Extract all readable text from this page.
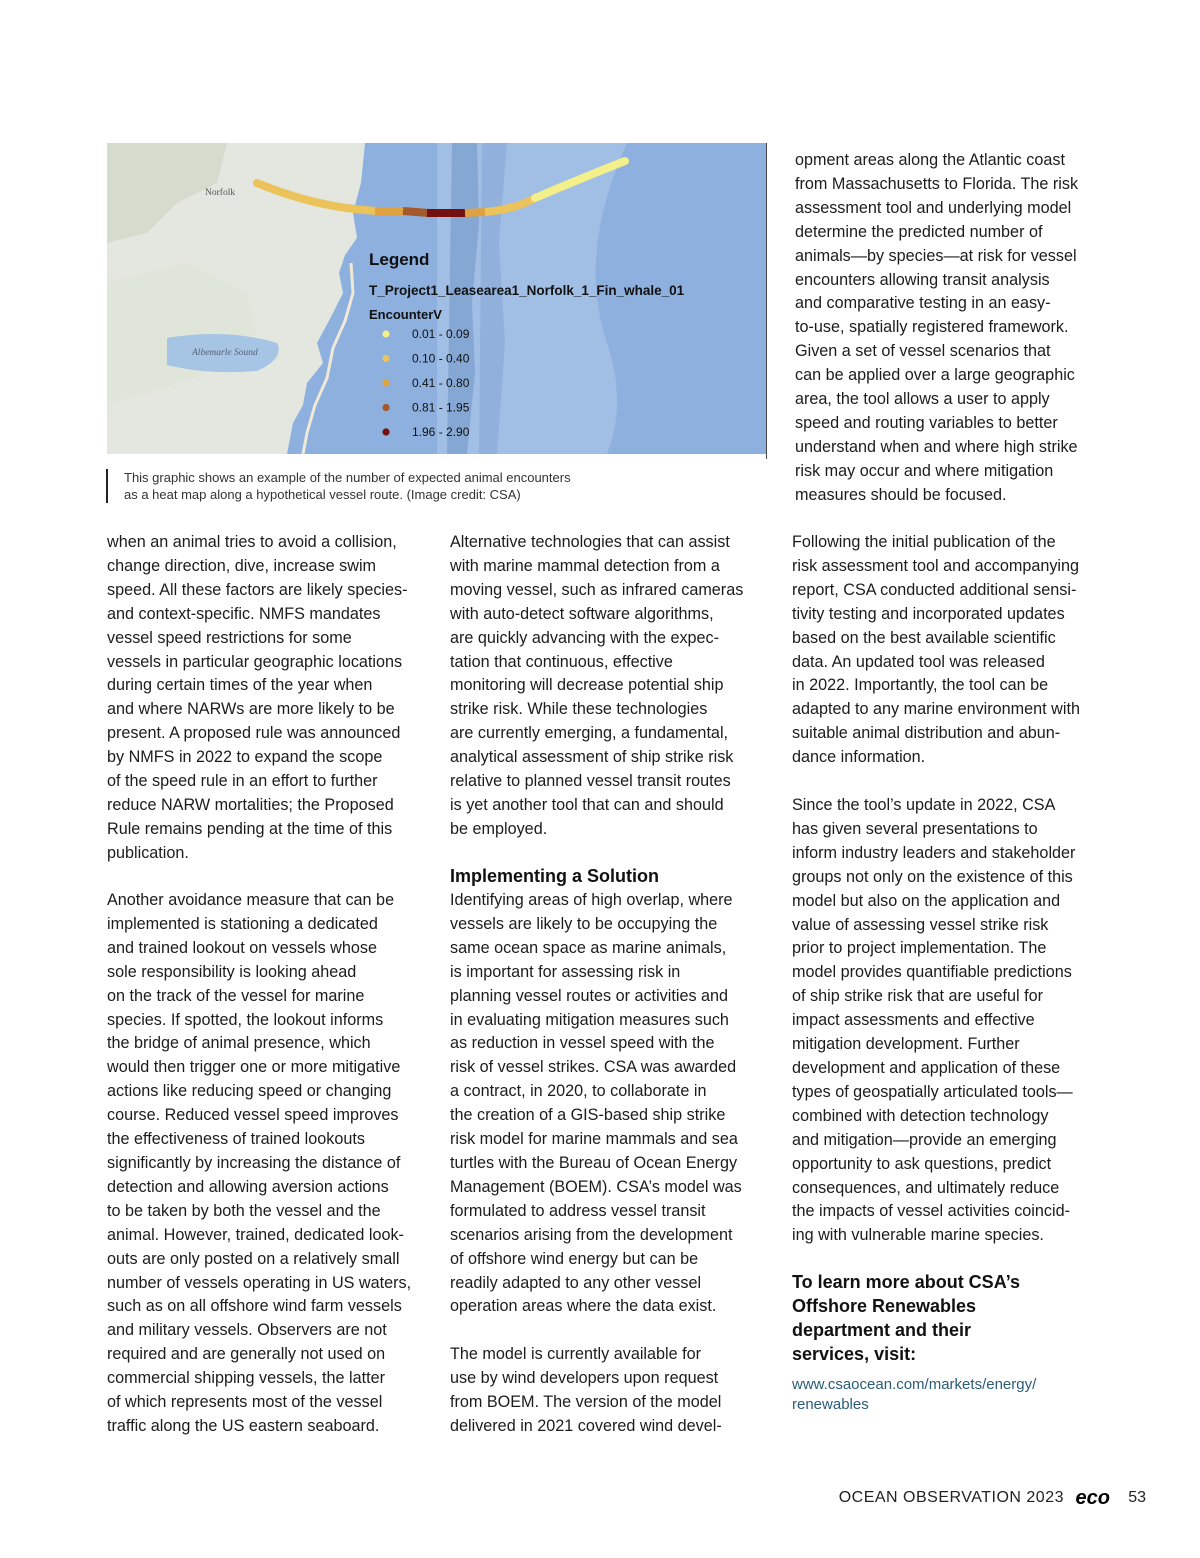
Norfolk
Albemarle Sound
Legend
T_Project1_Leasearea1_Norfolk_1_Fin_whale_01
EncounterV
0.01 - 0.09
0.10 - 0.40
0.41 - 0.80
0.81 - 1.95
1.96 - 2.90
This graphic shows an example of the number of expected animal encounters
as a heat map along a hypothetical vessel route. (Image credit: CSA)
opment areas along the Atlantic coast
from Massachusetts to Florida. The risk
assessment tool and underlying model
determine the predicted number of
animals—by species—at risk for vessel
encounters allowing transit analysis
and comparative testing in an easy-
to-use, spatially registered framework.
Given a set of vessel scenarios that
can be applied over a large geographic
area, the tool allows a user to apply
speed and routing variables to better
understand when and where high strike
risk may occur and where mitigation
measures should be focused.
when an animal tries to avoid a collision,
change direction, dive, increase swim
speed. All these factors are likely species-
and context-specific. NMFS mandates
vessel speed restrictions for some
vessels in particular geographic locations
during certain times of the year when
and where NARWs are more likely to be
present. A proposed rule was announced
by NMFS in 2022 to expand the scope
of the speed rule in an effort to further
reduce NARW mortalities; the Proposed
Rule remains pending at the time of this
publication.
Another avoidance measure that can be
implemented is stationing a dedicated
and trained lookout on vessels whose
sole responsibility is looking ahead
on the track of the vessel for marine
species. If spotted, the lookout informs
the bridge of animal presence, which
would then trigger one or more mitigative
actions like reducing speed or changing
course. Reduced vessel speed improves
the effectiveness of trained lookouts
significantly by increasing the distance of
detection and allowing aversion actions
to be taken by both the vessel and the
animal. However, trained, dedicated look-
outs are only posted on a relatively small
number of vessels operating in US waters,
such as on all offshore wind farm vessels
and military vessels. Observers are not
required and are generally not used on
commercial shipping vessels, the latter
of which represents most of the vessel
traffic along the US eastern seaboard.
Alternative technologies that can assist
with marine mammal detection from a
moving vessel, such as infrared cameras
with auto-detect software algorithms,
are quickly advancing with the expec-
tation that continuous, effective
monitoring will decrease potential ship
strike risk. While these technologies
are currently emerging, a fundamental,
analytical assessment of ship strike risk
relative to planned vessel transit routes
is yet another tool that can and should
be employed.
Implementing a Solution
Identifying areas of high overlap, where
vessels are likely to be occupying the
same ocean space as marine animals,
is important for assessing risk in
planning vessel routes or activities and
in evaluating mitigation measures such
as reduction in vessel speed with the
risk of vessel strikes. CSA was awarded
a contract, in 2020, to collaborate in
the creation of a GIS-based ship strike
risk model for marine mammals and sea
turtles with the Bureau of Ocean Energy
Management (BOEM). CSA’s model was
formulated to address vessel transit
scenarios arising from the development
of offshore wind energy but can be
readily adapted to any other vessel
operation areas where the data exist.
The model is currently available for
use by wind developers upon request
from BOEM. The version of the model
delivered in 2021 covered wind devel-
Following the initial publication of the
risk assessment tool and accompanying
report, CSA conducted additional sensi-
tivity testing and incorporated updates
based on the best available scientific
data. An updated tool was released
in 2022. Importantly, the tool can be
adapted to any marine environment with
suitable animal distribution and abun-
dance information.
Since the tool’s update in 2022, CSA
has given several presentations to
inform industry leaders and stakeholder
groups not only on the existence of this
model but also on the application and
value of assessing vessel strike risk
prior to project implementation. The
model provides quantifiable predictions
of ship strike risk that are useful for
impact assessments and effective
mitigation development. Further
development and application of these
types of geospatially articulated tools—
combined with detection technology
and mitigation—provide an emerging
opportunity to ask questions, predict
consequences, and ultimately reduce
the impacts of vessel activities coincid-
ing with vulnerable marine species.
To learn more about CSA’s
Offshore Renewables
department and their
services, visit:
www.csaocean.com/markets/energy/
renewables
OCEAN OBSERVATION 2023 eco 53
